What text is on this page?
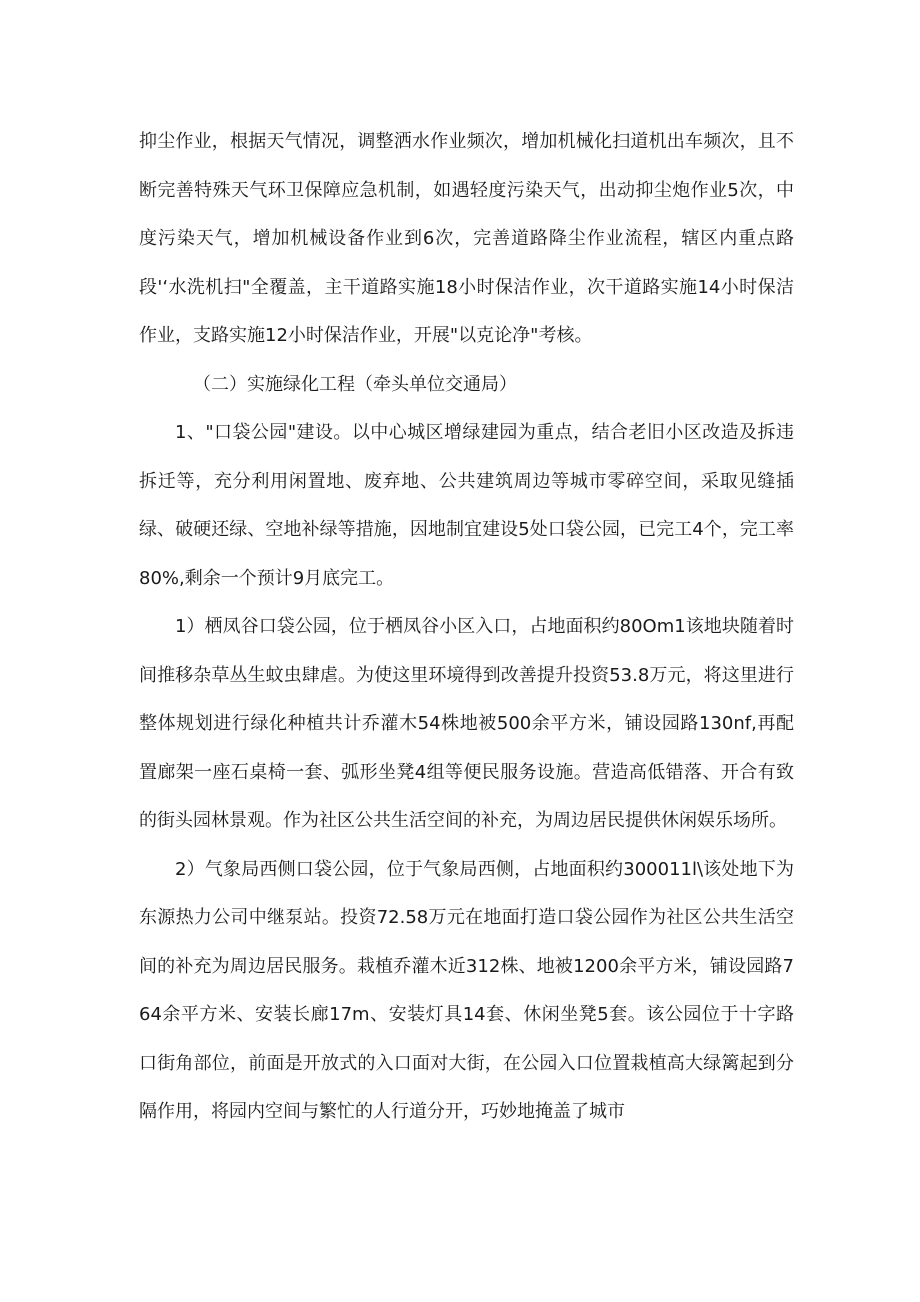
抑尘作业，根据天气情况，调整洒水作业频次，增加机械化扫道机出车频次，且不断完善特殊天气环卫保障应急机制，如遇轻度污染天气，出动抑尘炮作业5次，中度污染天气，增加机械设备作业到6次，完善道路降尘作业流程，辖区内重点路段'‘水洗机扫"全覆盖，主干道路实施18小时保洁作业，次干道路实施14小时保洁作业，支路实施12小时保洁作业，开展"以克论净"考核。

（二）实施绿化工程（牵头单位交通局）

1、"口袋公园"建设。以中心城区增绿建园为重点，结合老旧小区改造及拆违拆迁等，充分利用闲置地、废弃地、公共建筑周边等城市零碎空间，采取见缝插绿、破硬还绿、空地补绿等措施，因地制宜建设5处口袋公园，已完工4个，完工率80%,剩余一个预计9月底完工。

1）栖凤谷口袋公园，位于栖凤谷小区入口，占地面积约80Om1该地块随着时间推移杂草丛生蚊虫肆虐。为使这里环境得到改善提升投资53.8万元，将这里进行整体规划进行绿化种植共计乔灌木54株地被500余平方米，铺设园路130nf,再配置廊架一座石桌椅一套、弧形坐凳4组等便民服务设施。营造高低错落、开合有致的街头园林景观。作为社区公共生活空间的补充，为周边居民提供休闲娱乐场所。

2）气象局西侧口袋公园，位于气象局西侧，占地面积约300011l\该处地下为东源热力公司中继泵站。投资72.58万元在地面打造口袋公园作为社区公共生活空间的补充为周边居民服务。栽植乔灌木近312株、地被1200余平方米，铺设园路764余平方米、安装长廊17m、安装灯具14套、休闲坐凳5套。该公园位于十字路口街角部位，前面是开放式的入口面对大街，在公园入口位置栽植高大绿篱起到分隔作用，将园内空间与繁忙的人行道分开，巧妙地掩盖了城市
